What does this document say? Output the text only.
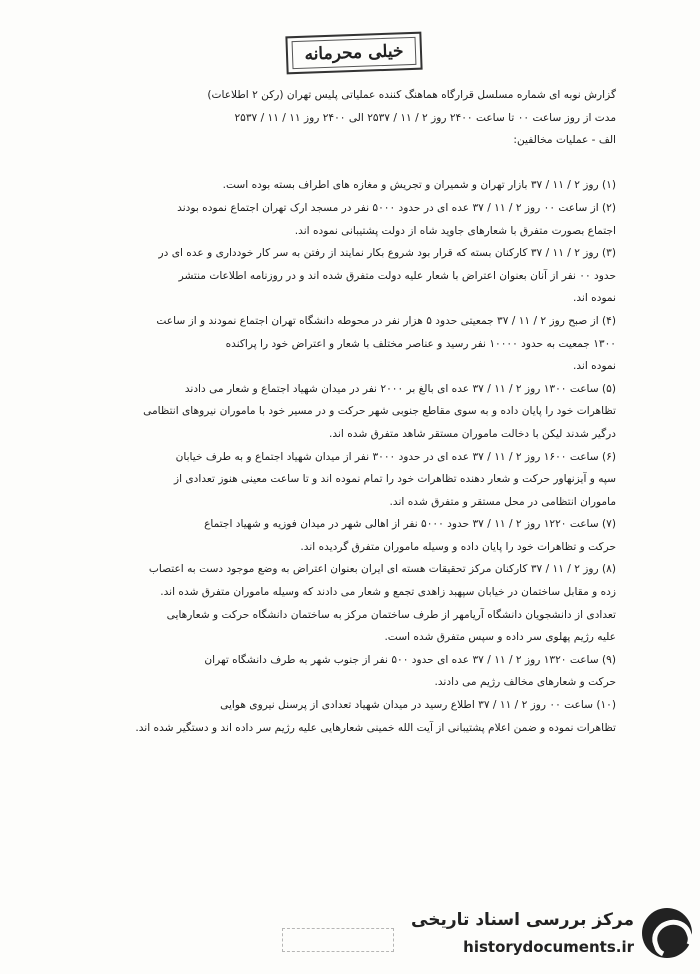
خیلی محرمانه
گزارش نوبه ای شماره مسلسل قرارگاه هماهنگ کننده عملیاتی پلیس تهران (رکن ۲ اطلاعات)
مدت از روز ساعت ۰۰ تا ساعت ۲۴۰۰ روز ۲ / ۱۱ / ۲۵۳۷ الی ۲۴۰۰ روز ۱۱ / ۱۱ / ۲۵۳۷
الف - عملیات مخالفین:
(۱) روز ۲ / ۱۱ / ۳۷ بازار تهران و شمیران و تجریش و مغازه های اطراف بسته بوده است.
(۲) از ساعت ۰۰ روز ۲ / ۱۱ / ۳۷ عده ای در حدود ۵۰۰۰ نفر در مسجد ارک تهران اجتماع نموده بودند
اجتماع بصورت متفرق با شعارهای جاوید شاه از دولت پشتیبانی نموده اند.
(۳) روز ۲ / ۱۱ / ۳۷ کارکنان بسته که قرار بود شروع بکار نمایند از رفتن به سر کار خودداری و عده ای در
حدود ۰۰ نفر از آنان بعنوان اعتراض با شعار علیه دولت متفرق شده اند و در روزنامه اطلاعات منتشر
نموده اند.
(۴) از صبح روز ۲ / ۱۱ / ۳۷ جمعیتی حدود ۵ هزار نفر در محوطه دانشگاه تهران اجتماع نمودند و از ساعت
۱۳۰۰ جمعیت به حدود ۱۰۰۰۰ نفر رسید و عناصر مختلف با شعار و اعتراض خود را پراکنده
نموده اند.
(۵) ساعت ۱۳۰۰ روز ۲ / ۱۱ / ۳۷ عده ای بالغ بر ۲۰۰۰ نفر در میدان شهیاد اجتماع و شعار می دادند
تظاهرات خود را پایان داده و به سوی مقاطع جنوبی شهر حرکت و در مسیر خود با ماموران نیروهای انتظامی
درگیر شدند لیکن با دخالت ماموران مستقر شاهد متفرق شده اند.
(۶) ساعت ۱۶۰۰ روز ۲ / ۱۱ / ۳۷ عده ای در حدود ۳۰۰۰ نفر از میدان شهیاد اجتماع و به طرف خیابان
سپه و آیزنهاور حرکت و شعار دهنده تظاهرات خود را تمام نموده اند و تا ساعت معینی هنوز تعدادی از
ماموران انتظامی در محل مستقر و متفرق شده اند.
(۷) ساعت ۱۲۲۰ روز ۲ / ۱۱ / ۳۷ حدود ۵۰۰۰ نفر از اهالی شهر در میدان فوزیه و شهیاد اجتماع
حرکت و تظاهرات خود را پایان داده و وسیله ماموران متفرق گردیده اند.
(۸) روز ۲ / ۱۱ / ۳۷ کارکنان مرکز تحقیقات هسته ای ایران بعنوان اعتراض به وضع موجود دست به اعتصاب
زده و مقابل ساختمان در خیابان سپهبد زاهدی تجمع و شعار می دادند که وسیله ماموران متفرق شده اند.
تعدادی از دانشجویان دانشگاه آریامهر از طرف ساختمان مرکز به ساختمان دانشگاه حرکت و شعارهایی
علیه رژیم پهلوی سر داده و سپس متفرق شده است.
(۹) ساعت ۱۳۲۰ روز ۲ / ۱۱ / ۳۷ عده ای حدود ۵۰۰ نفر از جنوب شهر به طرف دانشگاه تهران
حرکت و شعارهای مخالف رژیم می دادند.
(۱۰) ساعت ۰۰ روز ۲ / ۱۱ / ۳۷ اطلاع رسید در میدان شهیاد تعدادی از پرسنل نیروی هوایی
تظاهرات نموده و ضمن اعلام پشتیبانی از آیت الله خمینی شعارهایی علیه رژیم سر داده اند و دستگیر شده اند.
مرکز بررسی اسناد تاریخی
historydocuments.ir
